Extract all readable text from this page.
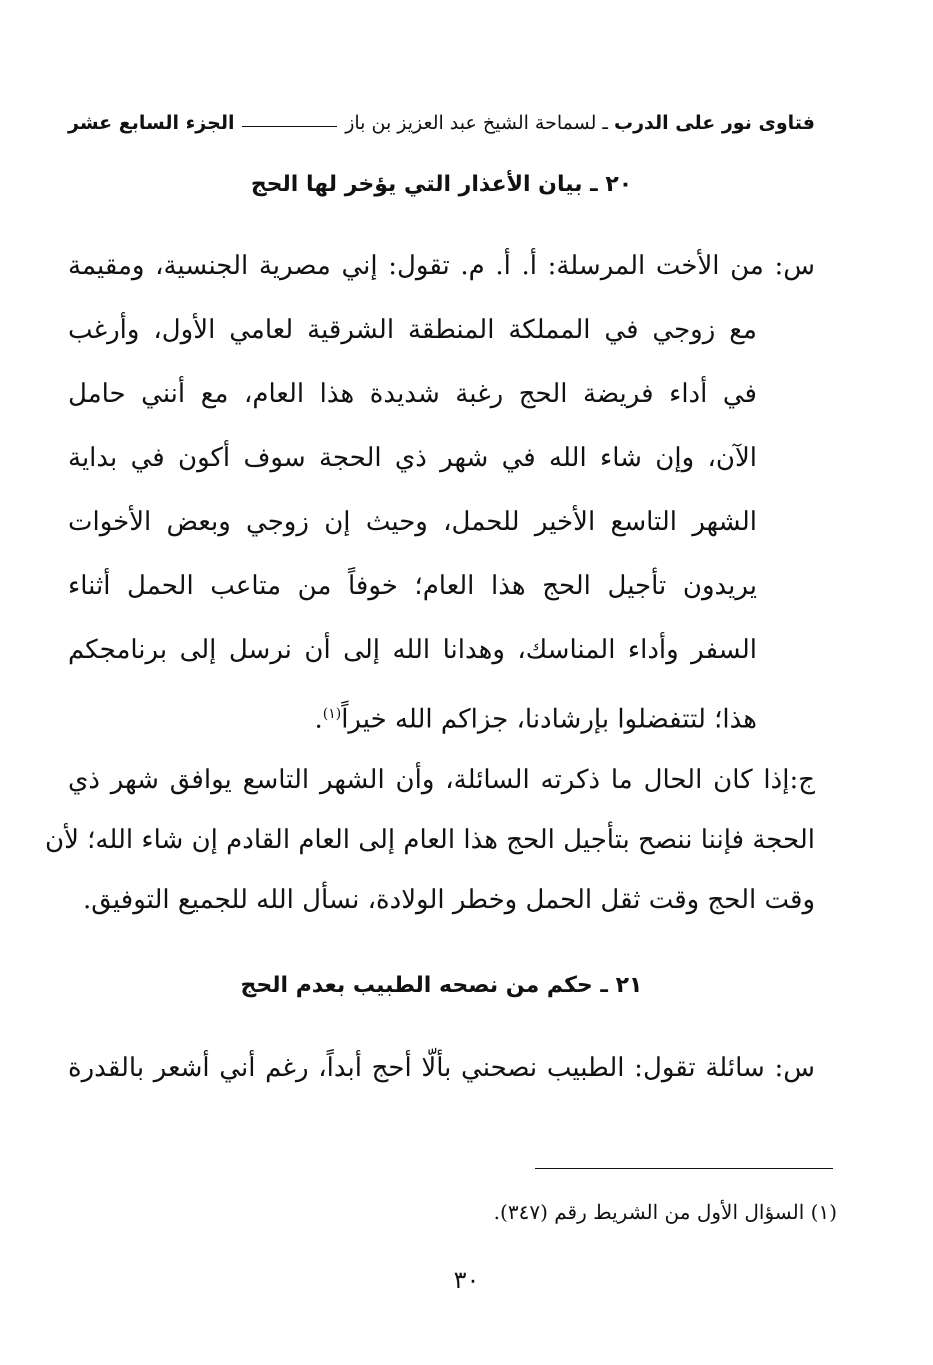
فتاوى نور على الدرب
ـ لسماحة الشيخ عبد العزيز بن باز
الجزء السابع عشر
٢٠ ـ بيان الأعذار التي يؤخر لها الحج
س: من الأخت المرسلة: أ. أ. م. تقول: إني مصرية الجنسية، ومقيمة
مع زوجي في المملكة المنطقة الشرقية لعامي الأول، وأرغب
في أداء فريضة الحج رغبة شديدة هذا العام، مع أنني حامل
الآن، وإن شاء الله في شهر ذي الحجة سوف أكون في بداية
الشهر التاسع الأخير للحمل، وحيث إن زوجي وبعض الأخوات
يريدون تأجيل الحج هذا العام؛ خوفاً من متاعب الحمل أثناء
السفر وأداء المناسك، وهدانا الله إلى أن نرسل إلى برنامجكم
هذا؛ لتتفضلوا بإرشادنا، جزاكم الله خيراً$^{(١)}$.
ج:إذا كان الحال ما ذكرته السائلة، وأن الشهر التاسع يوافق شهر ذي
الحجة فإننا ننصح بتأجيل الحج هذا العام إلى العام القادم إن شاء الله؛ لأن
وقت الحج وقت ثقل الحمل وخطر الولادة، نسأل الله للجميع التوفيق.
٢١ ـ حكم من نصحه الطبيب بعدم الحج
س: سائلة تقول: الطبيب نصحني بألّا أحج أبداً، رغم أني أشعر بالقدرة
(١) السؤال الأول من الشريط رقم (٣٤٧).
٣٠
